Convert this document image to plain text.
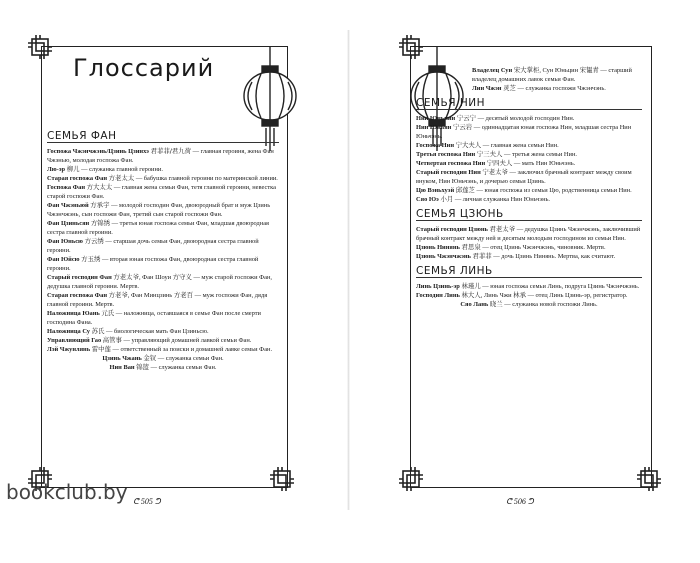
Глоссарий
СЕМЬЯ ФАН

Госпожа Чжэнчжэнь/Цзинь Цзинхэ 君菲菲/君九荷 — главная героиня, жена Фан Чжэнью, молодая госпожа Фан.

Лю-эр 柳儿 — служанка главной героини.

Старая госпожа Фан 方老太太 — бабушка главной героини по материнской линии.

Госпожа Фан 方大太太 — главная жена семьи Фан, тетя главной героини, невестка старой госпожи Фан.

Фан Чжэньюй 方承宇 — молодой господин Фан, двоюродный брат и муж Цзинь Чжэнчжэнь, сын госпожи Фан, третий сын старой госпожи Фан.

Фан Цзиньсян 方锦绣 — третья юная госпожа семьи Фан, младшая двоюродная сестра главной героини.

Фан Юньсю 方云绣 — старшая дочь семьи Фан, двоюродная сестра главной героини.

Фан Юйсю 方玉绣 — вторая юная госпожа Фан, двоюродная сестра главной героини.

Старый господин Фан 方老太爷, Фан Шоуи 方守义 — муж старой госпожи Фан, дедушка главной героини. Мертв.

Старая госпожа Фан 方老爷, Фан Минцзинь 方老百 — муж госпожи Фан, дядя главной героини. Мертв.

Наложница Юань 元氏 — наложница, оставшаяся в семье Фан после смерти господина Фана.

Наложница Су 苏氏 — биологическая мать Фан Цзиньсю.

Управляющий Гао 高管事 — управляющий домашней лавкой семьи Фан.

Лэй Чжунлянь 雷中莲 — ответственный за поиски и домашней лавке семьи Фан.

Цзинь Чжань 金钗 — служанка семьи Фан.

Нин Ван 锦篮 — служанка семьи Фан.

ᕦ 505 ᕤ

Владелец Сун 宋大掌柜, Сун Юньцин 宋韫青 — старший владелец домашних лавок семьи Фан.

Лин Чжэн 灵芝 — служанка госпожи Чжэнчэнь.

СЕМЬЯ НИН

Нин Юньнин 宁云宁 — десятый молодой господин Нин.

Нин Юньян 宁云岩 — одиннадцатая юная госпожа Нин, младшая сестра Нин Юньчэнь.

Госпожа Нин 宁大夫人 — главная жена семьи Нин.

Третья госпожа Нин 宁三夫人 — третья жена семьи Нин.

Четвертая госпожа Нин 宁四夫人 — мать Нин Юньчэнь.

Старый господин Нин 宁老太爷 — заключил брачный контракт между своим внуком, Нин Юньчэнь, и дочерью семьи Цзинь.

Цю Вэньхуэй 邱莲芝 — юная госпожа из семьи Цю, родственница семьи Нин.

Сяо Юэ 小月 — личная служанка Нин Юньчэнь.

СЕМЬЯ ЦЗЮНЬ

Старый господин Цзюнь 君老太爷 — дедушка Цзинь Чжэнчжэнь, заключивший брачный контракт между ней и десятым молодым господином из семьи Нин.

Цзюнь Нинянь 君思泉 — отец Цзинь Чжэнчжэнь, чиновник. Мертв.

Цзюнь Чжэнчжэнь 君菲菲 — дочь Цзинь Нинянь. Мертва, как считают.

СЕМЬЯ ЛИНЬ

Линь Цзинь-эр 林瑾儿 — юная госпожа семьи Линь, подруга Цзинь Чжэнчжэнь.

Господин Линь 林大人, Линь Чжи 林承 — отец Линь Цзинь-эр, регистратор.

Сяо Лань 晓兰 — служанка новой госпожи Линь.

ᕦ 506 ᕤ
bookclub.by
